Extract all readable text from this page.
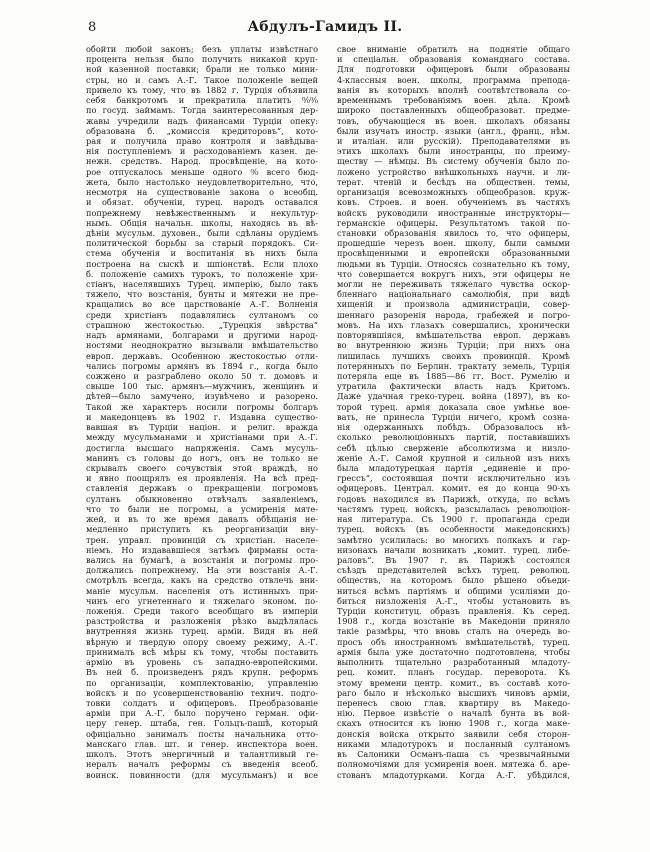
8	Абдулъ-Гамидъ II.
обойти любой законъ; безъ уплаты извѣстнаго
процента нельзя было получить никакой круп-
ной казенной поставки; брали не только мини-
стры, но и самъ А.-Г. Такое положеніе вещей
привело къ тому, что въ 1882 г. Турція объявила
себя банкротомъ и прекратила платить ⁰⁄₀⁰⁄₀
по госуд. займамъ. Тогда заинтересованныя дер-
жавы учредили надъ финансами Турціи опеку:
образована б. „комиссія кредиторовъ“, кото-
рая и получила право контроля и завѣдыва-
нія поступленіемъ и расходованіемъ казен. де-
нежн. средствъ. Народ. просвѣщеніе, на кото-
рое отпускалось меньше одного ⁰⁄₀ всего бюд-
жета, было настолько неудовлетворительно, что,
несмотря на существованіе закона о всеобщ.
и обязат. обученіи, турец. народъ оставался
попрежнему невѣжественнымъ и некультур-
нымъ. Общія начальн. школы, находясь въ вѣ-
дѣніи мусульм. духовен., были сдѣланы орудіемъ
политической борьбы за старый порядокъ. Си-
стема обученія и воспитанія въ нихъ была
построена на сыскѣ и шпіонствѣ. Если плохо
б. положеніе самихъ турокъ, то положеніе хри-
стіанъ, населявшихъ Турец. имперію, было такъ
тяжело, что возстанія, бунты и мятежи не пре-
кращались во все царствованіе А.-Г. Волненія
среди христіанъ подавлялись султаномъ со
страшною жестокостью. „Турецкія звѣрства“
надъ армянами, болгарами и другими народ-
ностями неоднократно вызывали вмѣшательство
европ. державъ. Особенною жестокостью отли-
чались погромы армянъ въ 1894 г., когда было
сожжено и разграблено около 50 т. домовъ и
свыше 100 тыс. армянъ—мужчинъ, женщинъ и
дѣтей—было замучено, изувѣчено и разорено.
Такой же характеръ носили погромы болгаръ
и македонцевъ въ 1902 г. Издавна существо-
вавшая въ Турціи націон. и религ. вражда
между мусульманами и христіанами при А.-Г.
достигла высшаго напряженія. Самъ мусуль-
манинъ съ головы до ногъ, онъ не только не
скрывалъ своего сочувствія этой враждѣ, но
и явно поощрялъ ея проявленія. На всѣ пред-
ставленія державъ о прекращеніи погромовъ
султанъ обыкновенно отвѣчалъ заявленіемъ,
что то были не погромы, а усмиренія мяте-
жей, и въ то же время давалъ обѣщанія не-
медленно приступить къ реорганизаціи вну-
трен. управл. провинцій съ христіан. населе-
ніемъ. Но издававшіеся затѣмъ фирманы оста-
вались на бумагѣ, а возстанія и погромы про-
должались попрежнему. На эти возстанія А.-Г.
смотрѣлъ всегда, какъ на средство отвлечь вни-
маніе мусульм. населенія отъ истинныхъ при-
чинъ его угнетеннаго и тяжелаго эконом. по-
ложенія. Среди такого всеобщаго въ имперіи
разстройства и разложенія рѣзко выдѣлялась
внутренняя жизнь турец. арміи. Видя въ ней
вѣрную и твердую опору своему режиму, А.-Г.
принималъ всѣ мѣры къ тому, чтобы поставить
армію въ уровень съ западно-европейскими.
Въ ней б. произведенъ рядъ крупн. реформъ
по организаціи, комплектованію, управленію
войскъ и по усовершенствованію технич. подго-
товки солдатъ и офицеровъ. Преобразованіе
арміи при А.-Г. было поручено герман. офи-
церу генер. штаба, ген. Гольцъ-пашѣ, который
офиціально занималъ посты начальника отто-
манскаго глав. шт. и генер. инспектора воен.
школъ. Этотъ энергичный и талантливый ге-
нералъ началъ реформы съ введенія всеоб.
воинск. повинности (для мусульманъ) и все
свое вниманіе обратилъ на поднятіе общаго
и спеціальн. образованія команднаго состава.
Для подготовки офицеровъ были образованы
4-классныя воен. школы, программа препода-
ванія въ которыхъ вполнѣ соотвѣтствовала со-
временнымъ требованіямъ воен. дѣла. Кромѣ
широко поставленныхъ общеобразоват. предме-
товъ, обучающіеся въ воен. школахъ обязаны
были изучать иностр. языки (англ., франц., нѣм.
и италіан. или русскій). Преподавателями въ
этихъ школахъ были иностранцы, по преиму-
ществу — нѣмцы. Въ систему обученія было по-
ложено устройство внѣшкольныхъ научн. и ли-
терат. чтеній и бесѣдъ на обществен. темы,
организація всевозможныхъ общеобразов. круж-
ковъ. Строев. и воен. обученіемъ въ частяхъ
войскъ руководили иностранные инструкторы—
германскіе офицеры. Результатомъ такой по-
становки образованія явилось то, что офицеры,
прошедшіе черезъ воен. школу, были самыми
просвѣщенными и европейски образованными
людьми въ Турціи. Относясь сознательно къ тому,
что совершается вокругъ нихъ, эти офицеры не
могли не переживать тяжелаго чувства оскор-
бленнаго національнаго самолюбія, при видѣ
хищеній и произвола администраціи, совер-
шеннаго разоренія народа, грабежей и погро-
мовъ. На ихъ глазахъ совершались, хронически
повторявшіяся, вмѣшательства европ. державъ
во внутреннюю жизнь Турціи; при нихъ она
лишилась лучшихъ своихъ провинцій. Кромѣ
потерянныхъ по Берлин. трактату земель, Турція
потеряла еще въ 1885—86 гг. Вост. Румелію и
утратила фактически власть надъ Критомъ.
Даже удачная греко-турец. война (1897), въ ко-
торой турец. армія доказала свое умѣнье вое-
вать, не принесла Турціи ничего, кромѣ созна-
нія одержанныхъ побѣдъ. Образовалось нѣ-
сколько революціонныхъ партій, поставившихъ
себѣ цѣлью сверженіе абсолютизма и низло-
женіе А.-Г. Самой крупной и сильной изъ нихъ
была младотурецкая партія „единеніе и про-
грессъ“, состоявшая почти исключительно изъ
офицеровъ. Централ. комит. ея до конца 90-хъ
годовъ находился въ Парижѣ, откуда, по всѣмъ
частямъ турец. войскъ, разсылалась революціон-
ная литература. Съ 1900 г. пропаганда среди
турец. войскъ (въ особенности македонскихъ)
замѣтно усилилась: во многихъ полкахъ и гар-
низонахъ начали возникать „комит. турец. либе-
раловъ“. Въ 1907 г. въ Парижѣ состоялся
съѣздъ представителей всѣхъ турец. революц.
обществъ, на которомъ было рѣшено объеди-
ниться всѣмъ партіямъ и общими усиліями до-
биться низложенія А.-Г., чтобы установить въ
Турціи конституц. образъ правленія. Къ серед.
1908 г., когда возстаніе въ Македоніи приняло
такіе размѣры, что вновь сталъ на очередь во-
просъ объ иностранномъ вмѣшательствѣ, турец.
армія была уже достаточно подготовлена, чтобы
выполнить тщательно разработанный младоту-
рец. комит. планъ государ. переворота. Къ
этому времени центр. комит., въ составѣ кото-
раго было и нѣсколько высшихъ чиновъ арміи,
перенесъ свою глав. квартиру въ Македо-
нію. Первое извѣстіе о началѣ бунта въ вой-
скахъ относится къ іюню 1908 г., когда маке-
донскія войска открыто заявили себя сторон-
никами младотурокъ и посланный султаномъ
въ Салоники Османъ-паша съ чрезвычайными
полномочіями для усмиренія воен. мятежа б. аре-
стованъ младотурками. Когда А.-Г. убѣдился,
